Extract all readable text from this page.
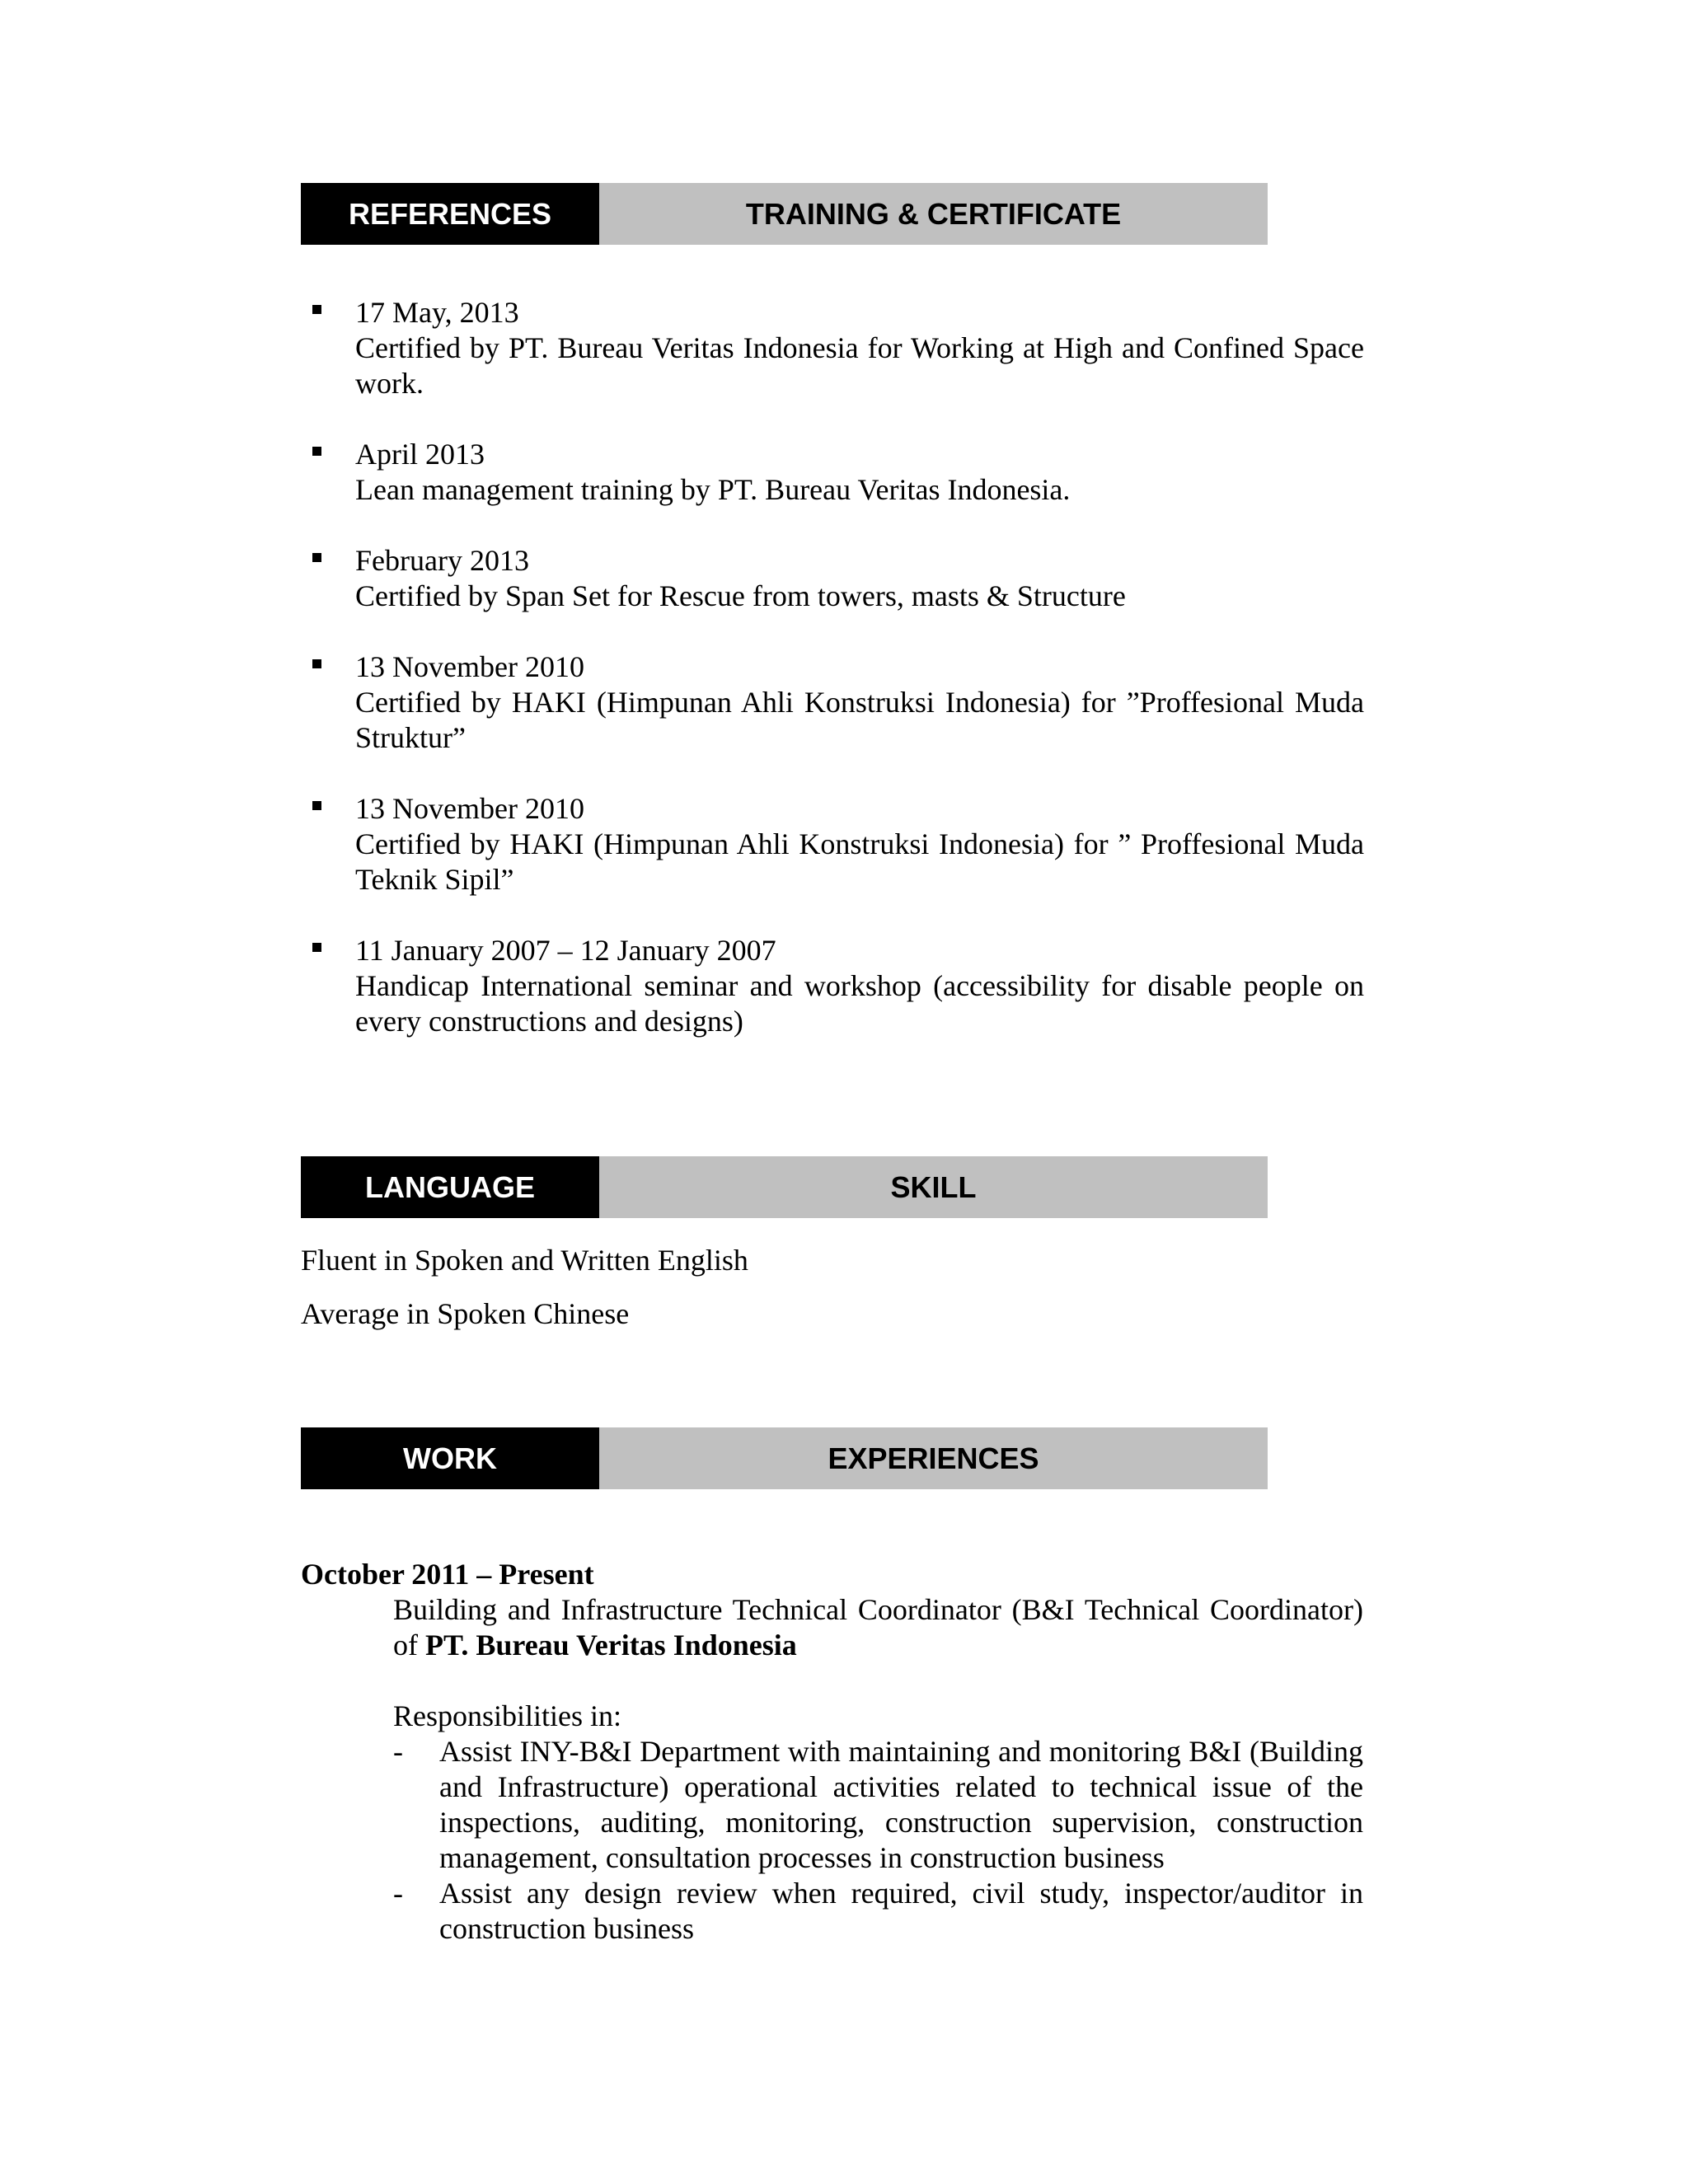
REFERENCES	TRAINING & CERTIFICATE
17 May, 2013
Certified by PT. Bureau Veritas Indonesia for Working at High and Confined Space work.
April 2013
Lean management training by PT. Bureau Veritas Indonesia.
February 2013
Certified by Span Set for Rescue from towers, masts & Structure
13 November 2010
Certified by HAKI (Himpunan Ahli Konstruksi Indonesia) for ”Proffesional Muda Struktur”
13 November 2010
Certified by HAKI (Himpunan Ahli Konstruksi Indonesia) for ” Proffesional Muda Teknik Sipil”
11 January 2007 – 12 January 2007
Handicap International seminar and workshop (accessibility for disable people on every constructions and designs)
LANGUAGE	SKILL
Fluent in Spoken and Written English
Average in Spoken Chinese
WORK	EXPERIENCES
October 2011 – Present
Building and Infrastructure Technical Coordinator (B&I Technical Coordinator) of PT. Bureau Veritas Indonesia
Responsibilities in:
- Assist INY-B&I Department with maintaining and monitoring B&I (Building and Infrastructure) operational activities related to technical issue of the inspections, auditing, monitoring, construction supervision, construction management, consultation processes in construction business
- Assist any design review when required, civil study, inspector/auditor in construction business
